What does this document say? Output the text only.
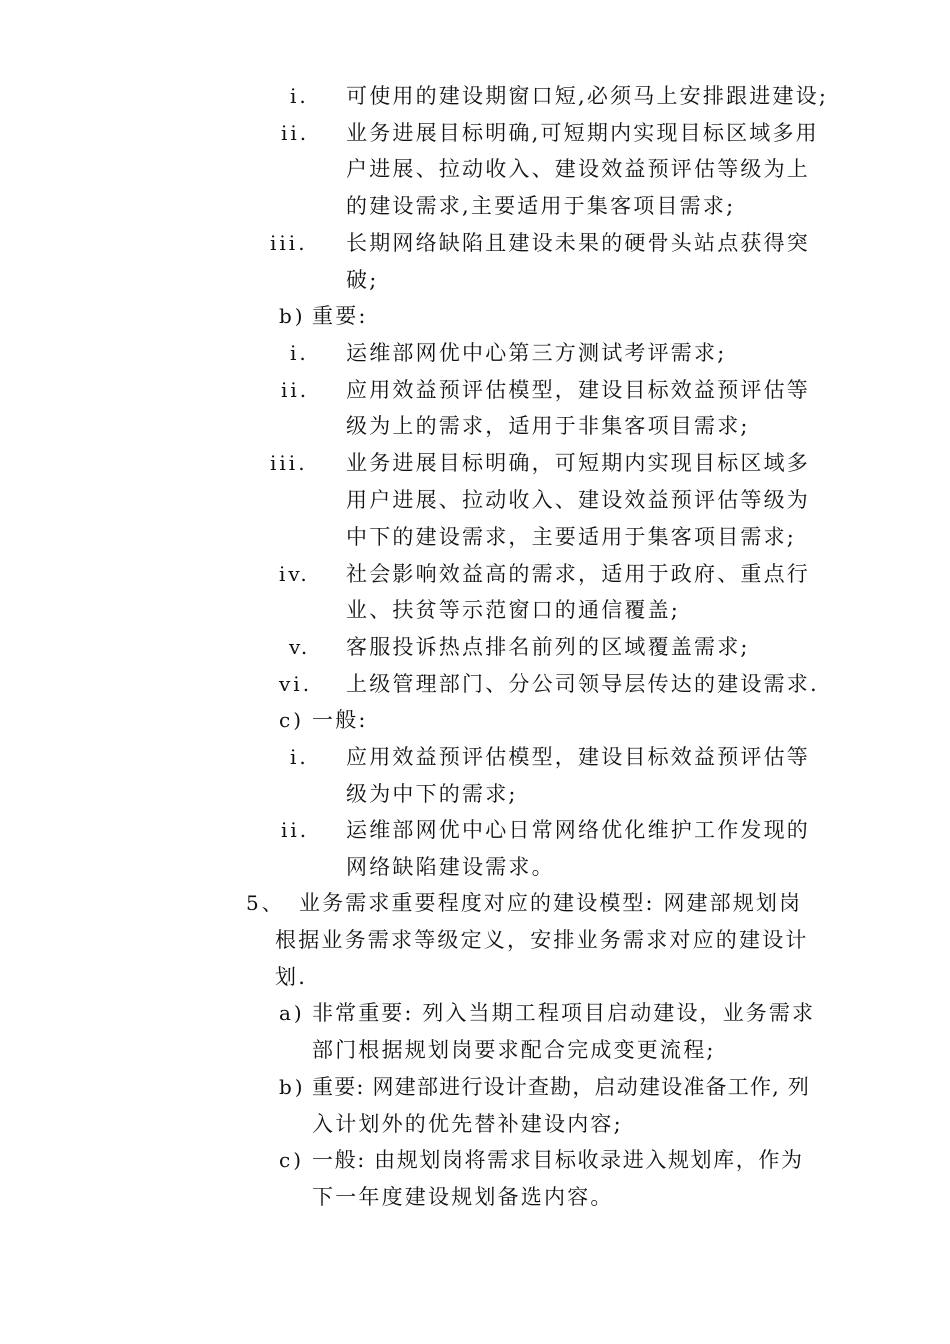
i. 可使用的建设期窗口短,必须马上安排跟进建设;
ii. 业务进展目标明确,可短期内实现目标区域多用
户进展、拉动收入、建设效益预评估等级为上
的建设需求,主要适用于集客项目需求;
iii. 长期网络缺陷且建设未果的硬骨头站点获得突
破;
b) 重要:
i. 运维部网优中心第三方测试考评需求;
ii. 应用效益预评估模型，建设目标效益预评估等
级为上的需求，适用于非集客项目需求;
iii. 业务进展目标明确，可短期内实现目标区域多
用户进展、拉动收入、建设效益预评估等级为
中下的建设需求，主要适用于集客项目需求;
iv. 社会影响效益高的需求，适用于政府、重点行
业、扶贫等示范窗口的通信覆盖;
v. 客服投诉热点排名前列的区域覆盖需求;
vi. 上级管理部门、分公司领导层传达的建设需求.
c) 一般:
i. 应用效益预评估模型，建设目标效益预评估等
级为中下的需求;
ii. 运维部网优中心日常网络优化维护工作发现的
网络缺陷建设需求。
5、 业务需求重要程度对应的建设模型: 网建部规划岗
根据业务需求等级定义，安排业务需求对应的建设计
划.
a) 非常重要: 列入当期工程项目启动建设，业务需求
部门根据规划岗要求配合完成变更流程;
b) 重要: 网建部进行设计查勘，启动建设准备工作, 列
入计划外的优先替补建设内容;
c) 一般: 由规划岗将需求目标收录进入规划库，作为
下一年度建设规划备选内容。
